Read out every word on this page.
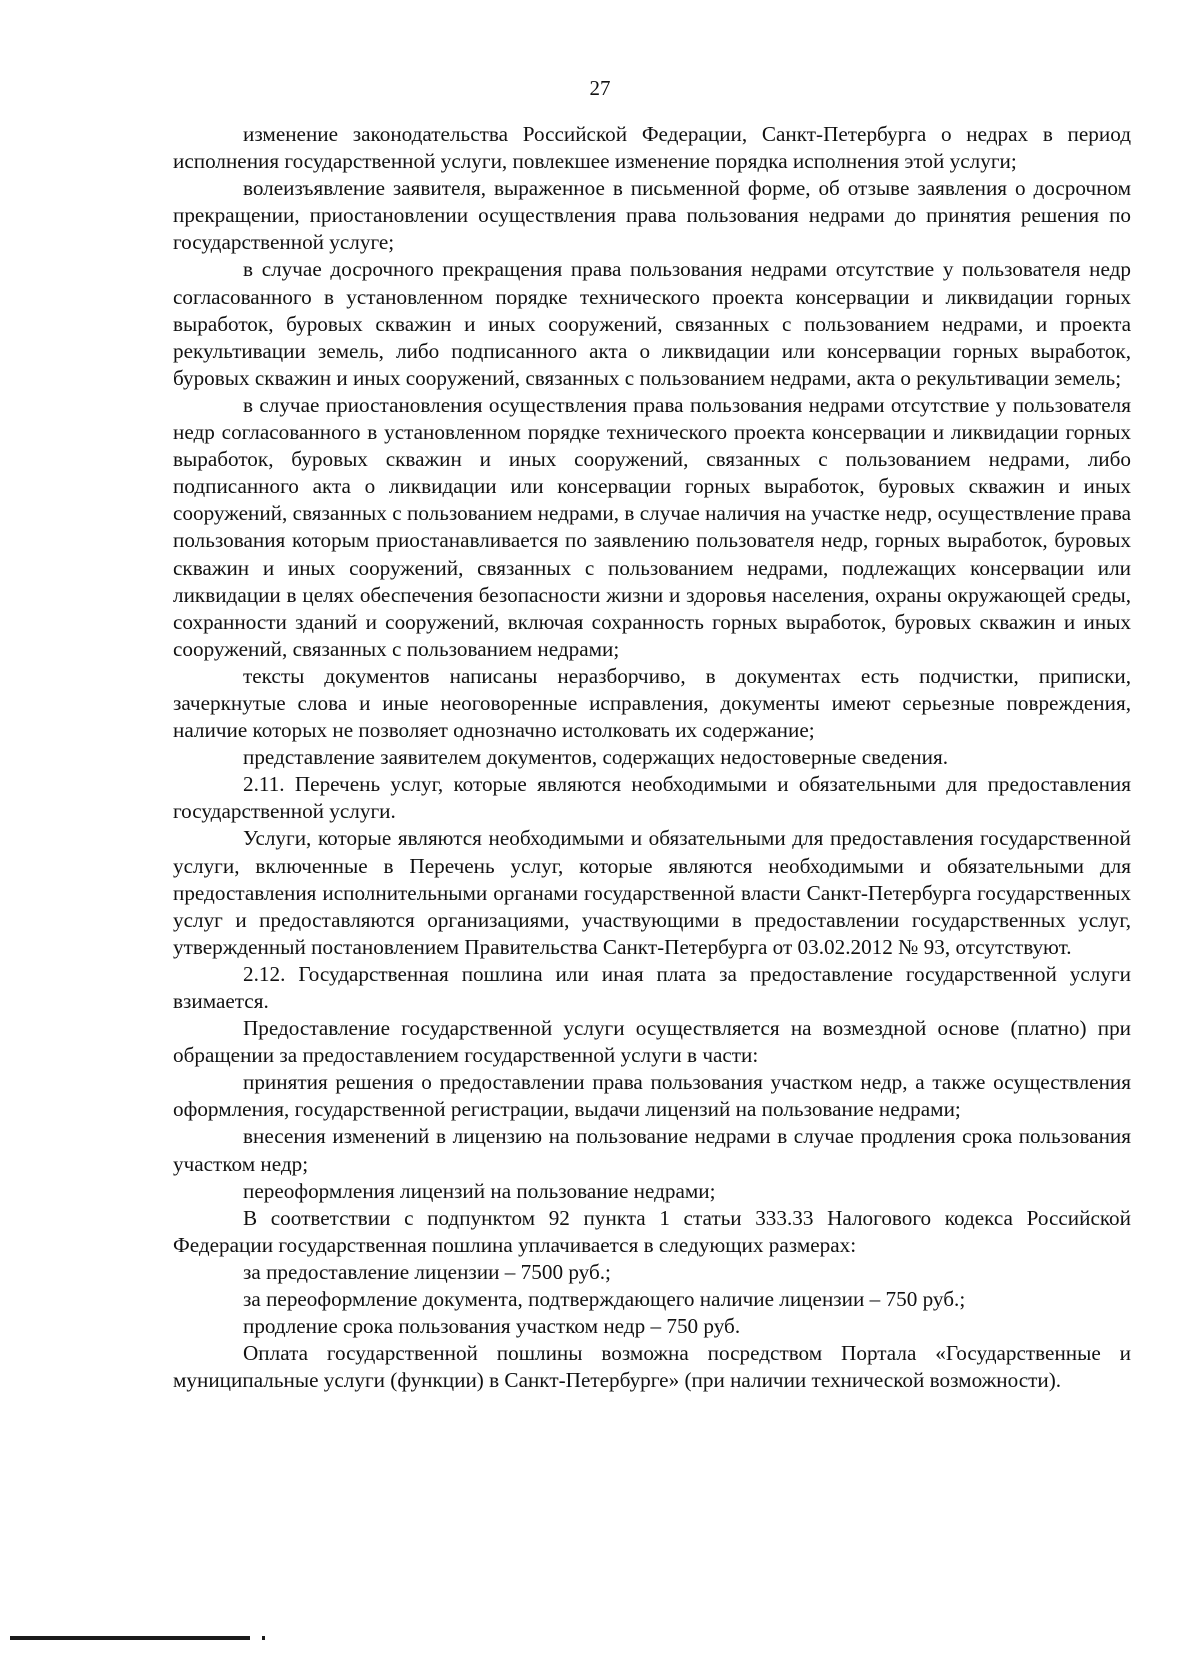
27

изменение законодательства Российской Федерации, Санкт-Петербурга о недрах в период исполнения государственной услуги, повлекшее изменение порядка исполнения этой услуги;

волеизъявление заявителя, выраженное в письменной форме, об отзыве заявления о досрочном прекращении, приостановлении осуществления права пользования недрами до принятия решения по государственной услуге;

в случае досрочного прекращения права пользования недрами отсутствие у пользователя недр согласованного в установленном порядке технического проекта консервации и ликвидации горных выработок, буровых скважин и иных сооружений, связанных с пользованием недрами, и проекта рекультивации земель, либо подписанного акта о ликвидации или консервации горных выработок, буровых скважин и иных сооружений, связанных с пользованием недрами, акта о рекультивации земель;

в случае приостановления осуществления права пользования недрами отсутствие у пользователя недр согласованного в установленном порядке технического проекта консервации и ликвидации горных выработок, буровых скважин и иных сооружений, связанных с пользованием недрами, либо подписанного акта о ликвидации или консервации горных выработок, буровых скважин и иных сооружений, связанных с пользованием недрами, в случае наличия на участке недр, осуществление права пользования которым приостанавливается по заявлению пользователя недр, горных выработок, буровых скважин и иных сооружений, связанных с пользованием недрами, подлежащих консервации или ликвидации в целях обеспечения безопасности жизни и здоровья населения, охраны окружающей среды, сохранности зданий и сооружений, включая сохранность горных выработок, буровых скважин и иных сооружений, связанных с пользованием недрами;

тексты документов написаны неразборчиво, в документах есть подчистки, приписки, зачеркнутые слова и иные неоговоренные исправления, документы имеют серьезные повреждения, наличие которых не позволяет однозначно истолковать их содержание;

представление заявителем документов, содержащих недостоверные сведения.

2.11. Перечень услуг, которые являются необходимыми и обязательными для предоставления государственной услуги.

Услуги, которые являются необходимыми и обязательными для предоставления государственной услуги, включенные в Перечень услуг, которые являются необходимыми и обязательными для предоставления исполнительными органами государственной власти Санкт-Петербурга государственных услуг и предоставляются организациями, участвующими в предоставлении государственных услуг, утвержденный постановлением Правительства Санкт-Петербурга от 03.02.2012 № 93, отсутствуют.

2.12. Государственная пошлина или иная плата за предоставление государственной услуги взимается.

Предоставление государственной услуги осуществляется на возмездной основе (платно) при обращении за предоставлением государственной услуги в части:

принятия решения о предоставлении права пользования участком недр, а также осуществления оформления, государственной регистрации, выдачи лицензий на пользование недрами;

внесения изменений в лицензию на пользование недрами в случае продления срока пользования участком недр;

переоформления лицензий на пользование недрами;

В соответствии с подпунктом 92 пункта 1 статьи 333.33 Налогового кодекса Российской Федерации государственная пошлина уплачивается в следующих размерах:

за предоставление лицензии – 7500 руб.;

за переоформление документа, подтверждающего наличие лицензии – 750 руб.;

продление срока пользования участком недр – 750 руб.

Оплата государственной пошлины возможна посредством Портала «Государственные и муниципальные услуги (функции) в Санкт-Петербурге» (при наличии технической возможности).
